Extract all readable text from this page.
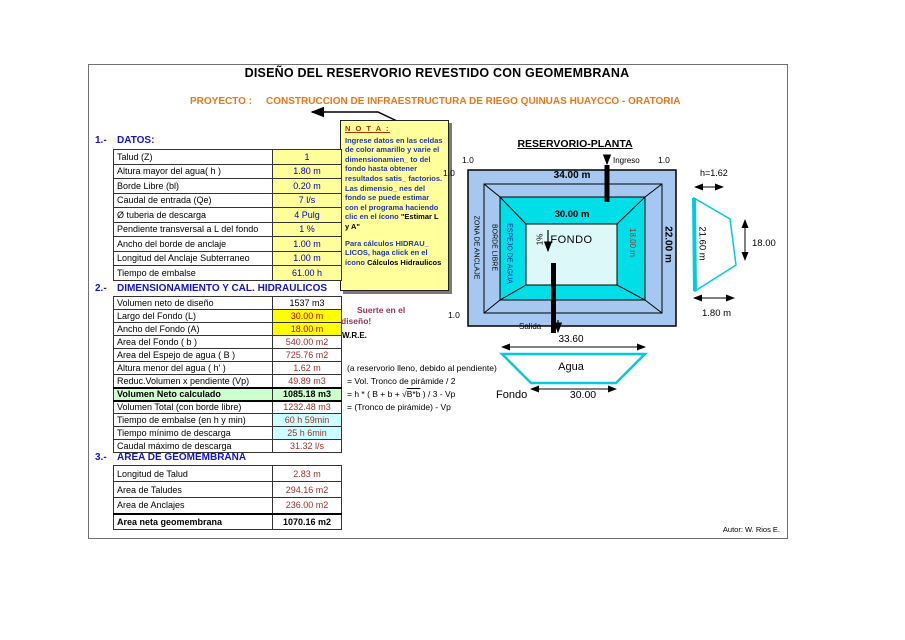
DISEÑO DEL RESERVORIO REVESTIDO CON GEOMEMBRANA
PROYECTO : CONSTRUCCION DE INFRAESTRUCTURA DE RIEGO QUINUAS HUAYCCO - ORATORIA
N O T A :
Ingrese datos en las celdas de color amarillo y varie el dimensionamien_ to del fondo hasta obtener resultados satis_ factorios. Las dimensio_ nes del fondo se puede estimar con el programa haciendo clic en el ícono "Estimar L y A"
Para cálculos HIDRAU_ LICOS, haga click en el ícono Cálculos Hidraulicos
1.- DATOS:
Talud (Z)	1
Altura mayor del agua( h )	1.80 m
Borde Libre (bl)	0.20 m
Caudal de entrada (Qe)	7 l/s
Ø tuberia de descarga	4 Pulg
Pendiente transversal a L del fondo	1 %
Ancho del borde de anclaje	1.00 m
Longitud del Anclaje Subterraneo	1.00 m
Tiempo de embalse	61.00 h
2.- DIMENSIONAMIENTO Y CAL. HIDRAULICOS
Volumen neto de diseño	1537 m3
Largo del Fondo (L)	30.00 m
Ancho del Fondo (A)	18.00 m
Area del Fondo ( b )	540.00 m2
Area del Espejo de agua ( B )	725.76 m2
Altura menor del agua ( h' )	1.62 m
Reduc.Volumen x pendiente (Vp)	49.89 m3
Volumen Neto calculado	1085.18 m3
Volumen Total (con borde libre)	1232.48 m3
Tiempo de embalse (en h y min)	60 h 59min
Tiempo mínimo de descarga	25 h 6min
Caudal máximo de descarga	31.32 l/s
3.- AREA DE GEOMEMBRANA
Longitud de Talud	2.83 m
Area de Taludes	294.16 m2
Area de Anclajes	236.00 m2
Area neta geomembrana	1070.16 m2
Suerte en el
diseño!
W.R.E.
(a reservorio lleno, debido al pendiente)
= Vol. Tronco de pirámide / 2
= h * ( B + b + √B*b ) / 3 - Vp
= (Tronco de pirámide) - Vp
RESERVORIO-PLANTA
1.0	Ingreso 1.0
1.0
1.0
34.00 m
30.00 m
FONDO
1%
ZONA DE ANCLAJE BORDE LIBRE ESPEJO DE AGUA	22.00 m
18.00 m
Salida
33.60
Agua
Fondo	30.00
h=1.62
21.60 m	18.00
1.80 m
Autor: W. Rios E.
